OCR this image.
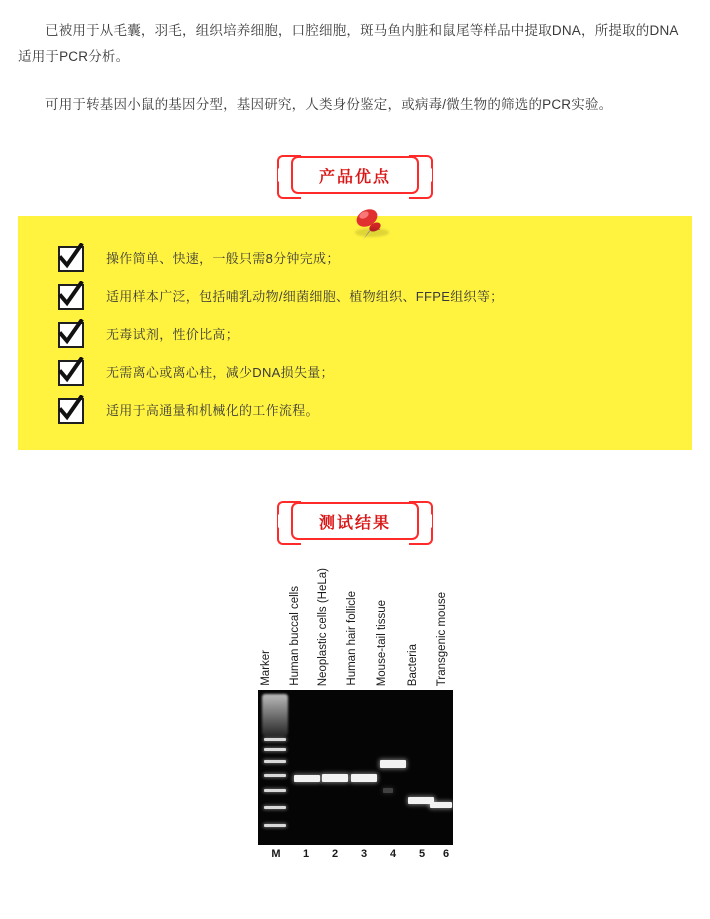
已被用于从毛囊，羽毛，组织培养细胞，口腔细胞，斑马鱼内脏和鼠尾等样品中提取DNA，所提取的DNA适用于PCR分析。

可用于转基因小鼠的基因分型，基因研究，人类身份鉴定，或病毒/微生物的筛选的PCR实验。

产品优点
操作简单、快速，一般只需8分钟完成；
适用样本广泛，包括哺乳动物/细菌细胞、植物组织、FFPE组织等；
无毒试剂，性价比高；
无需离心或离心柱，减少DNA损失量；
适用于高通量和机械化的工作流程。
测试结果
Marker Human buccal cells Neoplastic cells (HeLa) Human hair follicle Mouse-tail tissue Bacteria Transgenic mouse
M 1 2 3 4 5 6
